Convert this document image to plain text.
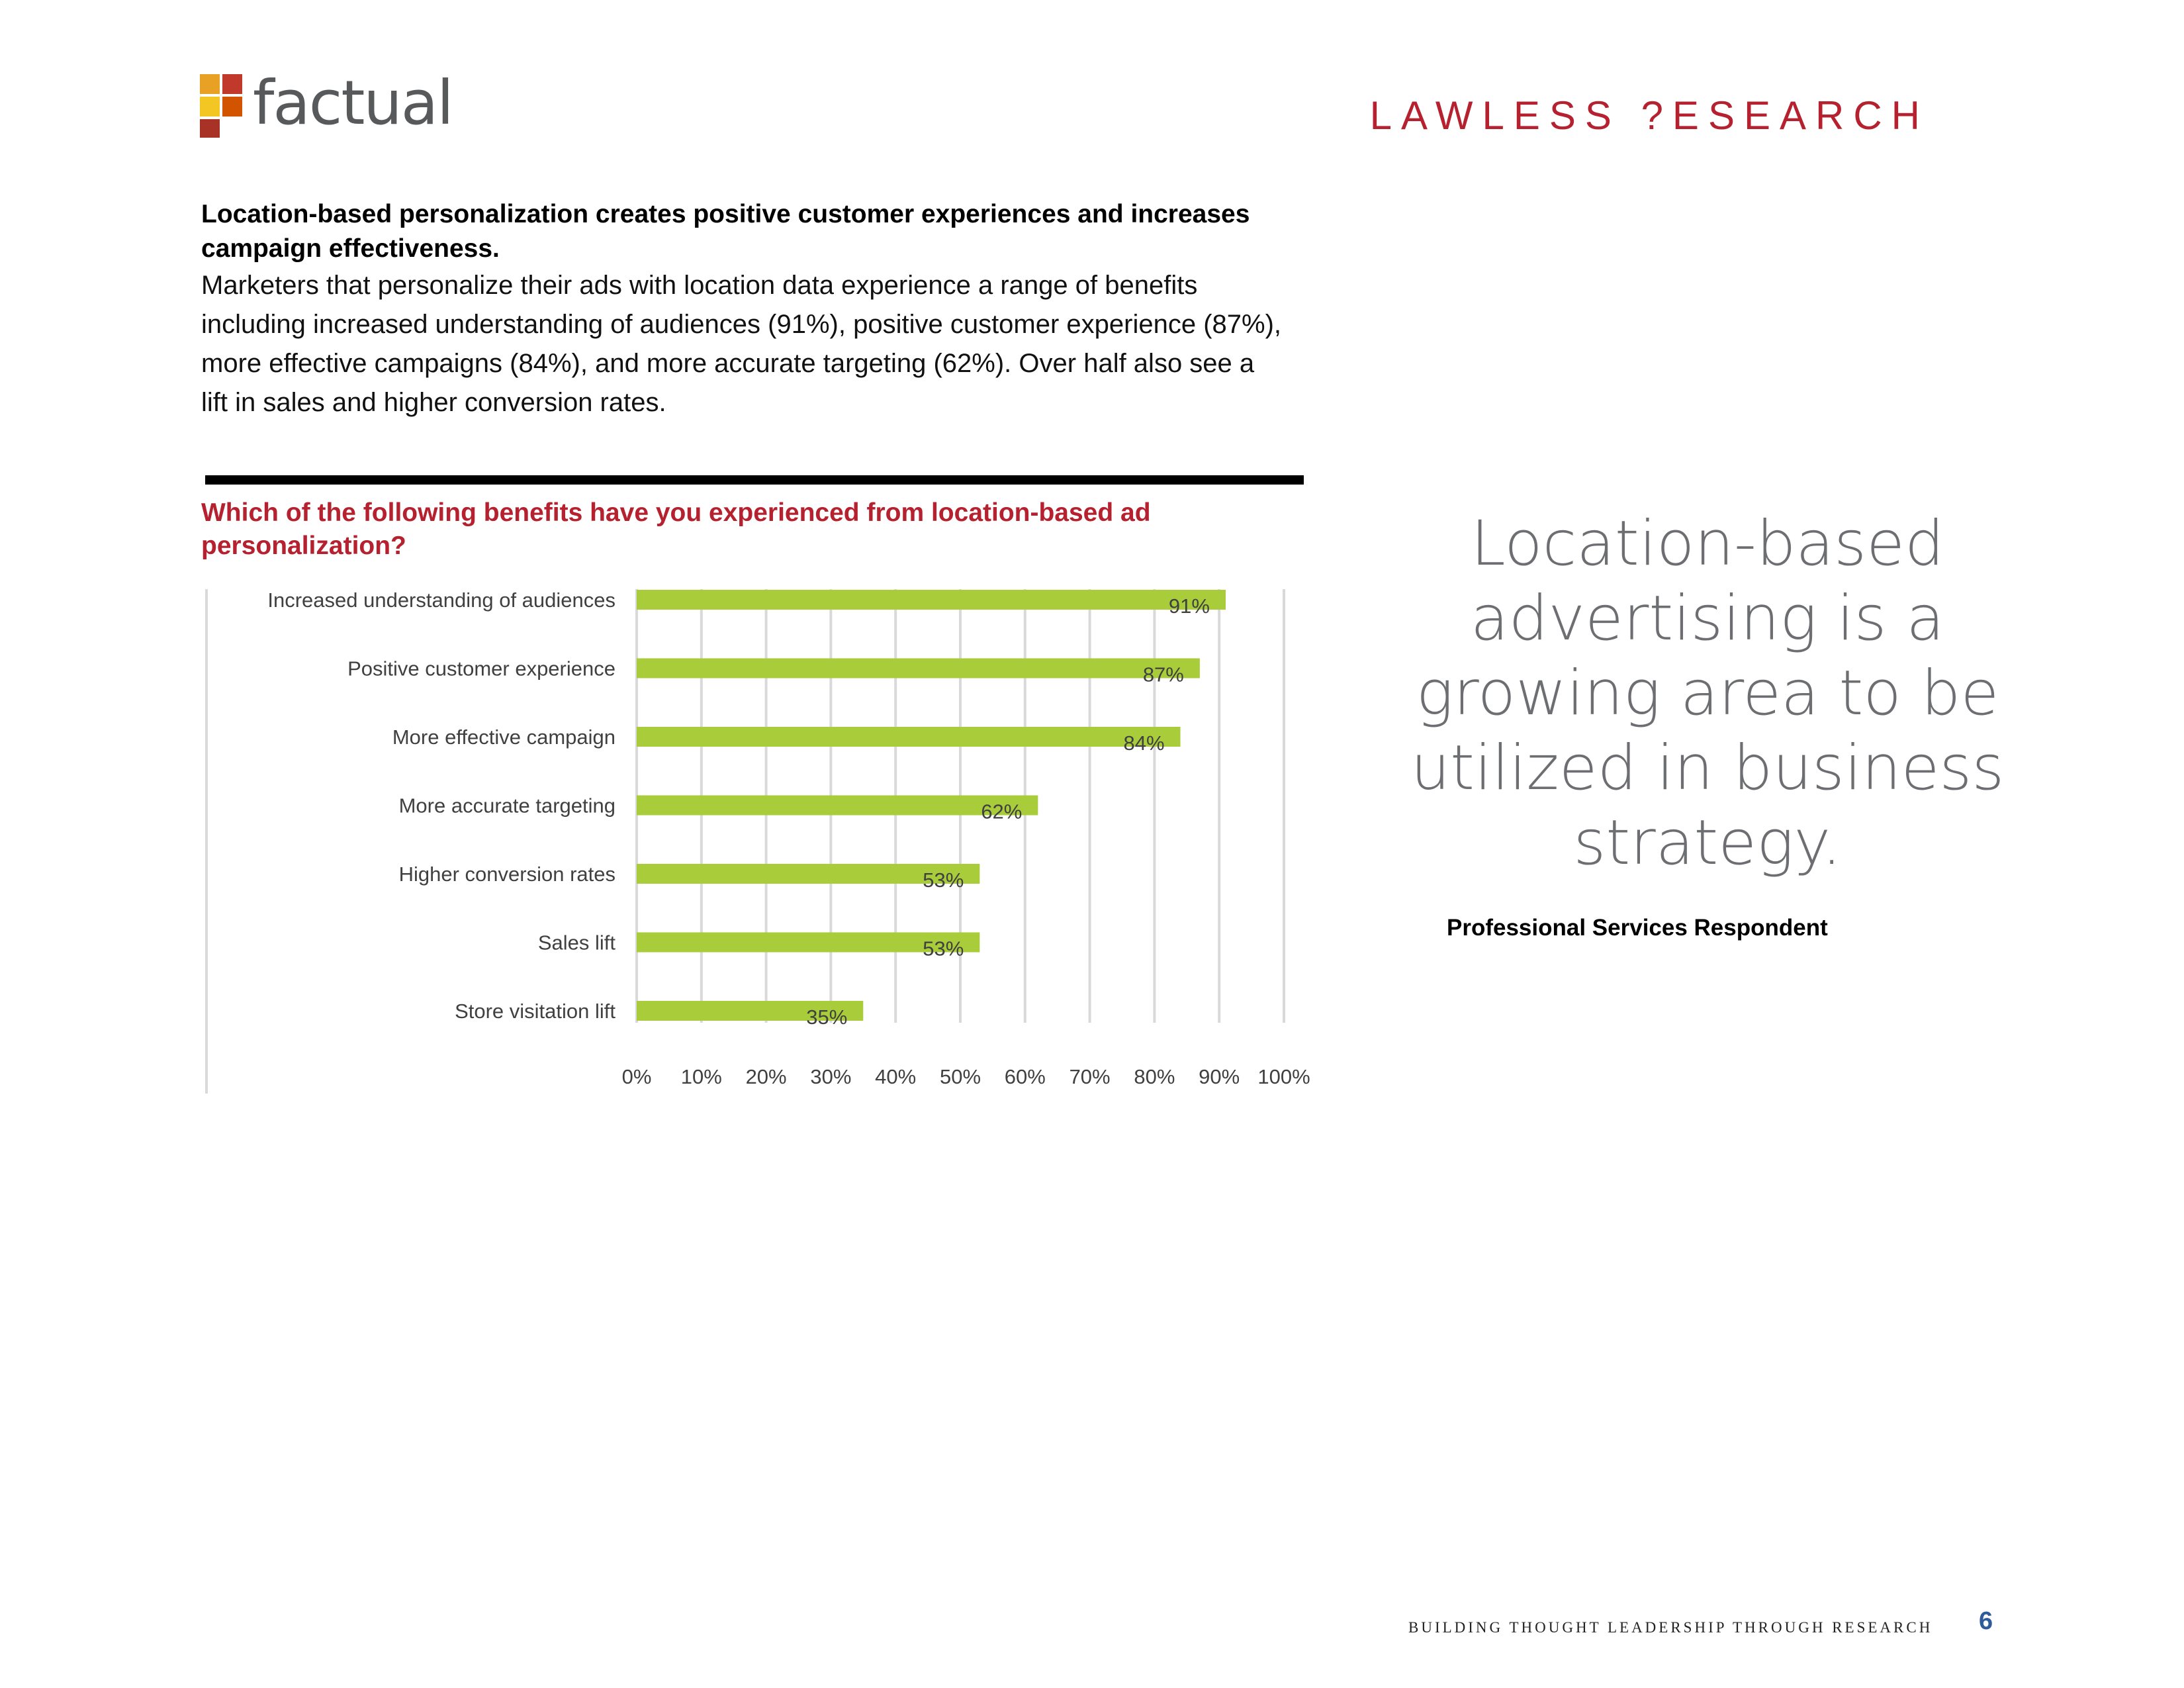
factual	LAWLESS ?ESEARCH
Location-based personalization creates positive customer experiences and increases campaign effectiveness.
Marketers that personalize their ads with location data experience a range of benefits including increased understanding of audiences (91%), positive customer experience (87%), more effective campaigns (84%), and more accurate targeting (62%). Over half also see a lift in sales and higher conversion rates.
Which of the following benefits have you experienced from location-based ad personalization?
Increased understanding of audiences
Positive customer experience
More effective campaign
More accurate targeting
Higher conversion rates
Sales lift
Store visitation lift
91%
87%
84%
62%
53%
53%
35%
0% 10% 20% 30% 40% 50% 60% 70% 80% 90% 100%
Location-based advertising is a growing area to be utilized in business strategy.
Professional Services Respondent
BUILDING THOUGHT LEADERSHIP THROUGH RESEARCH 6
